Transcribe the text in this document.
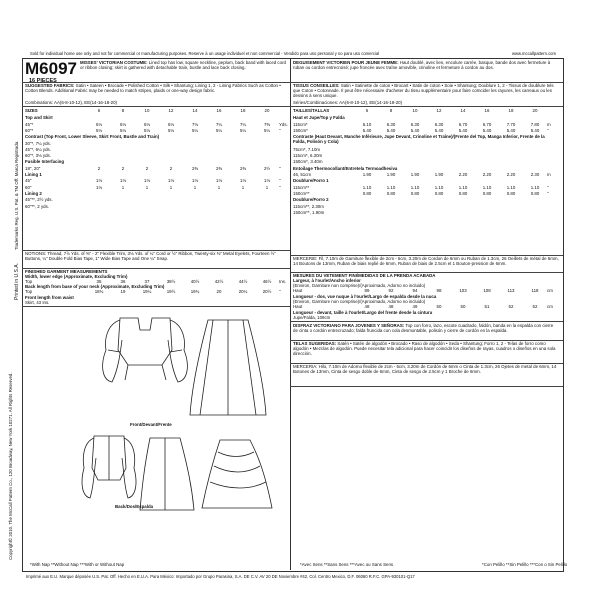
Sold for individual home use only and not for commercial or manufacturing purposes. Reserve à un usage individuel et non commercial - Vendido para uso personal y no para uso comercial	www.mccallpattern.com
Copyright© 2010. The McCall Pattern Co., 120 Broadway, New York 10271. All Rights Reserved.
Printed in U.S.A.
Trademarks Reg. U.S. Pat. & TM Off. Marca Registrada
M6097
16 PIECES
MISSES' VICTORIAN COSTUME: Lined top has low, square neckline, peplum, back band with laced cord or ribbon closing; skirt is gathered with detachable train, bustle and lace back closing.
SUGGESTED FABRICS: Satin • Sateen • Brocade • Polished Cotton • Silk • Shantung; Lining 1, 2 - Lining Fabrics Such as Cotton • Cotton Blends. Additional Fabric may be needed to match stripes, plaids or one-way design fabric.
Combinations: AA(6-8-10-12), EE(14-16-18-20)
SIZES	6	8	10	12	14	16	18	20
Top and Skirt
45"*	6⅛	6⅛	6⅛	6⅛	7⅛	7¼	7¼	7⅜	Yds.
60"*	5⅛	5⅛	5⅛	5⅛	5¼	5¼	5¼	5¼	"
Contrast (Top Front, Lower Sleeve, Skirt Front, Bustle and Train)
30"*, 7¼ yds.
45"*, 6¼ yds.
60"*, 3⅛ yds.
Fusible Interfacing
18", 20"	2	2	2	2	2⅜	2⅜	2⅜	2½	"
Lining 1
45"	1⅛	1⅛	1⅛	1⅛	1⅛	1⅛	1⅛	1⅛	"
60"	1⅛	1	1	1	1	1	1	1	"
Lining 2
45"**, 2½ yds.
60"**, 2 yds.
NOTIONS: Thread, 7⅞ Yds. of ⅜" - 2" Flexible Trim, 3⅛ Yds. of ¼" Cord or ½" Ribbon, Twenty-six ⅜" Metal Eyelets, Fourteen ½" Buttons, ¼" Double Fold Bias Tape, 1" Wide Bias Tape and One ¼" Snap.
FINISHED GARMENT MEASUREMENTS
Width, lower edge (Approximate, Excluding Trim)
Top	35	36	37	38½	40½	42½	44½	46½	Ins.
Back length from base of your neck (Approximate, Excluding Trim)
Top	18¾	19	19¼	19½	19¾	20	20¼	20½	"
Front length from waist
Skirt, 43 Ins.
Front/Devant/Frente
Back/Dos/Espalda
*With Nap **Without Nap ***With or Without Nap
DEGUISEMENT VICTORIEN POUR JEUNE FEMME: Haut doublé, avec lien, encolure carrée, basque, bande dos avec fermeture à ruban ou cordon entrecroisé; jupe froncée avec traîne amovible, crinoline et fermeture à cordon au dos.
TISSUS CONSEILLES: Satin • Satinette de coton • Brocart • Satin de coton • Soie • Shantung; Doublure 1, 2 - Tissus de doublure tels que Coton • Cotonnade. Il peut être nécessaire d'acheter du tissu supplémentaire pour faire coïncider les rayures, les carreaux ou les dessins à sens unique.
Séries/Combinaciones: AA(6-8-10-12), EE(14-16-18-20)
TAILLES/TALLAS	6	8	10	12	14	16	18	20
Haut et Jupe/Top y Falda
115cm*	6.10	6.30	6.30	6.30	6.70	6.70	7.70	7.80	m
150cm*	5.40	5.40	5.40	5.40	5.40	5.40	5.40	5.40	"
Contraste (Haut Devant, Manche Inférieure, Jupe Devant, Crinoline et Traîne)/(Frente del Top, Manga Inferior, Frente de la Falda, Polisón y Cola)
75cm*, 7.10m
115cm*, 6.30m
150cm*, 3.40m
Entoilage Thermocollant/Entretela Termoadhesiva
46, 51cm	1.90	1.90	1.90	1.90	2.20	2.20	2.20	2.30	m
Doublure/Forro 1
115cm**	1.10	1.10	1.10	1.10	1.10	1.10	1.10	1.10	"
150cm**	0.80	0.80	0.80	0.80	0.80	0.80	0.80	0.80	"
Doublure/Forro 2
115cm**, 2.30m
150cm**, 1.90m
MERCERIE: Fil, 7.10m de Garniture flexible de 2cm - 5cm, 3.20m de Cordon de 6mm ou Ruban de 1.3cm, 26 Oeillets de métal de 6mm, 14 Boutons de 13mm, Ruban de biais replié de 6mm, Ruban de biais de 2.5cm et 1 Bouton-pression de 6mm.
MESURES DU VETEMENT FINI/MEDIDAS DE LA PRENDA ACABADA
Largeur, à l'ourlet/Ancho inferior
(Environ, Garniture non comprise)/(Aproximado, Adorno no incluido)
Haut	89	92	94	98	103	108	113	118	cm
Longueur - dos, vue nuque à l'ourlet/Largo de espalda desde la nuca
(Environ, Garniture non comprise)/(Aproximado, Adorno no incluido)
Haut	48	48	49	50	50	51	52	52	cm
Longueur - devant, taille à l'ourlet/Largo del frente desde la cintura
Jupe/Falda, 109cm
DISFRAZ VICTORIANO PARA JOVENES Y SEÑORAS: Top con forro, lazo, escote cuadrado, faldón, banda en la espalda con cierre de cinta o cordón entrecruzado; falda fruncida con cola desmontable, polisón y cierre de cordón en la espalda.
TELAS SUGERIDAS: Satén • Satén de algodón • Brocado • Raso de algodón • Seda • Shantung; Forro 1, 2 - Telas de forro como algodón • Mezclas de algodón. Puede necesitar tela adicional para hacer coincidir los diseños de rayas, cuadros o diseños en una sola dirección.
MERCERIA: Hilo, 7.10m de Adorno flexible de 2cm - 5cm, 3.20m de Cordón de 6mm o Cinta de 1.3cm, 26 Ojetes de metal de 6mm, 14 Botones de 13mm, Cinta de sesgo doble de 6mm, Cinta de sesgo de 2.5cm y 1 Broche de 6mm.
*Avec Sens **Sans Sens ***Avec ou Sans Sens	*Con Pelillo **Sin Pelillo ***Con o Sin Pelillo
Imprimé aux E.U. Marque déposée U.S. Pat. Off. Hecho en E.U.A. Para México: Importado por Grupo Parasina, S.A. DE C.V. AV 20 DE Noviembre #42, Col. Centro Mexico, D.F. 06060 R.F.C. GPA-930101-Q17
